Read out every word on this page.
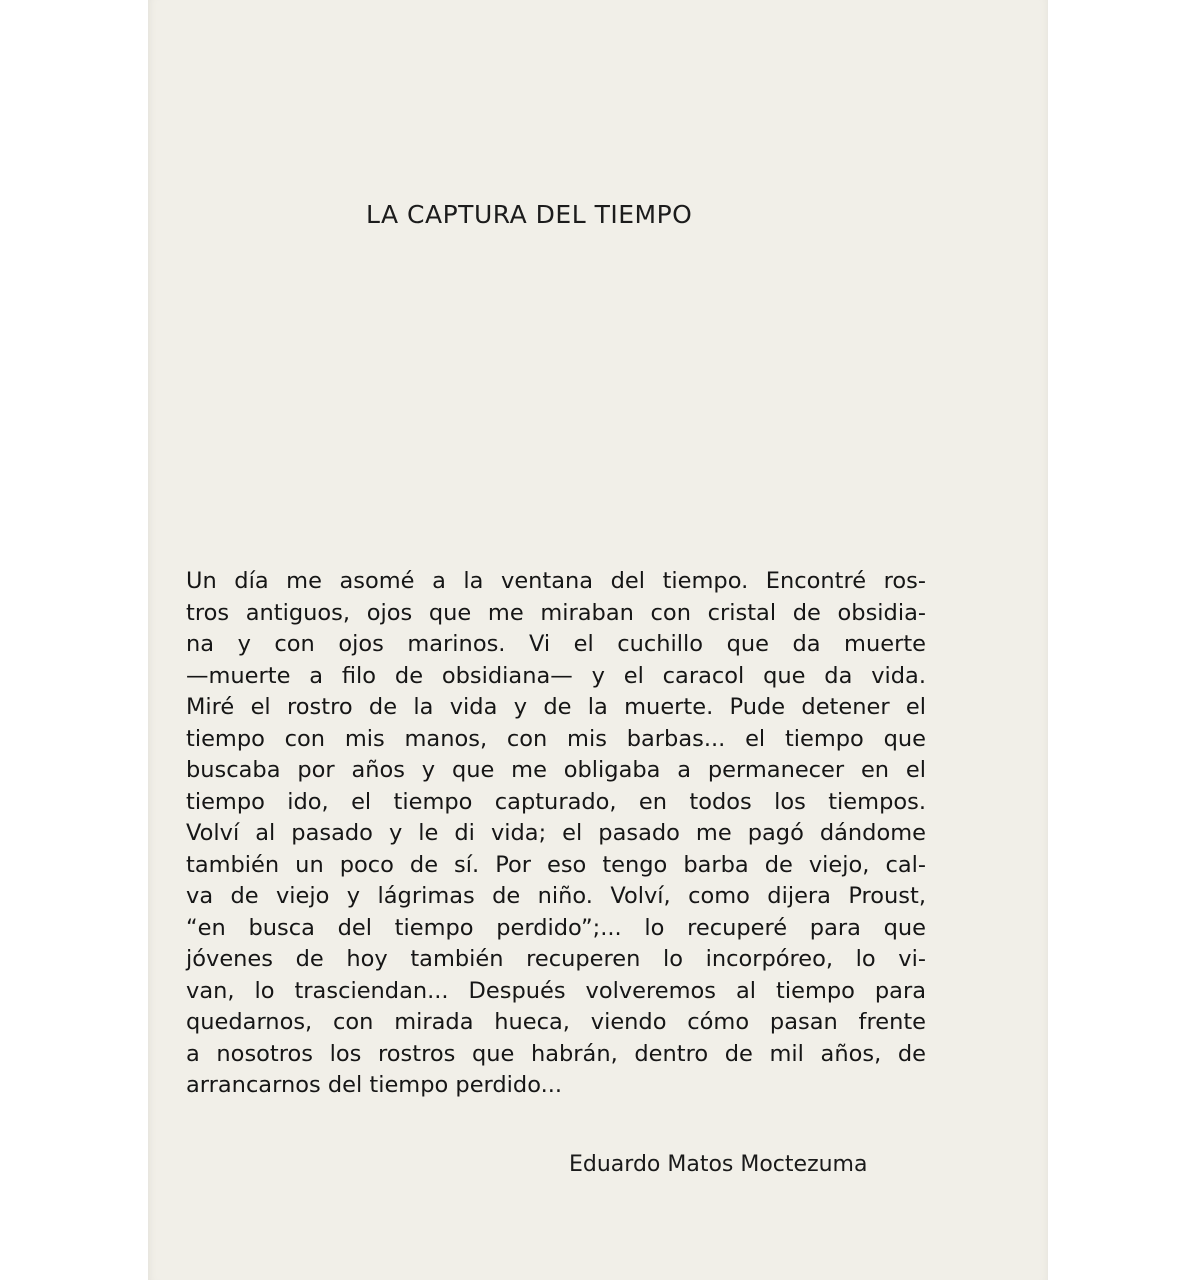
LA CAPTURA DEL TIEMPO
Un día me asomé a la ventana del tiempo. Encontré ros-
tros antiguos, ojos que me miraban con cristal de obsidia-
na y con ojos marinos. Vi el cuchillo que da muerte
—muerte a filo de obsidiana— y el caracol que da vida.
Miré el rostro de la vida y de la muerte. Pude detener el
tiempo con mis manos, con mis barbas... el tiempo que
buscaba por años y que me obligaba a permanecer en el
tiempo ido, el tiempo capturado, en todos los tiempos.
Volví al pasado y le di vida; el pasado me pagó dándome
también un poco de sí. Por eso tengo barba de viejo, cal-
va de viejo y lágrimas de niño. Volví, como dijera Proust,
“en busca del tiempo perdido”;... lo recuperé para que
jóvenes de hoy también recuperen lo incorpóreo, lo vi-
van, lo trasciendan... Después volveremos al tiempo para
quedarnos, con mirada hueca, viendo cómo pasan frente
a nosotros los rostros que habrán, dentro de mil años, de
arrancarnos del tiempo perdido...

Eduardo Matos Moctezuma
